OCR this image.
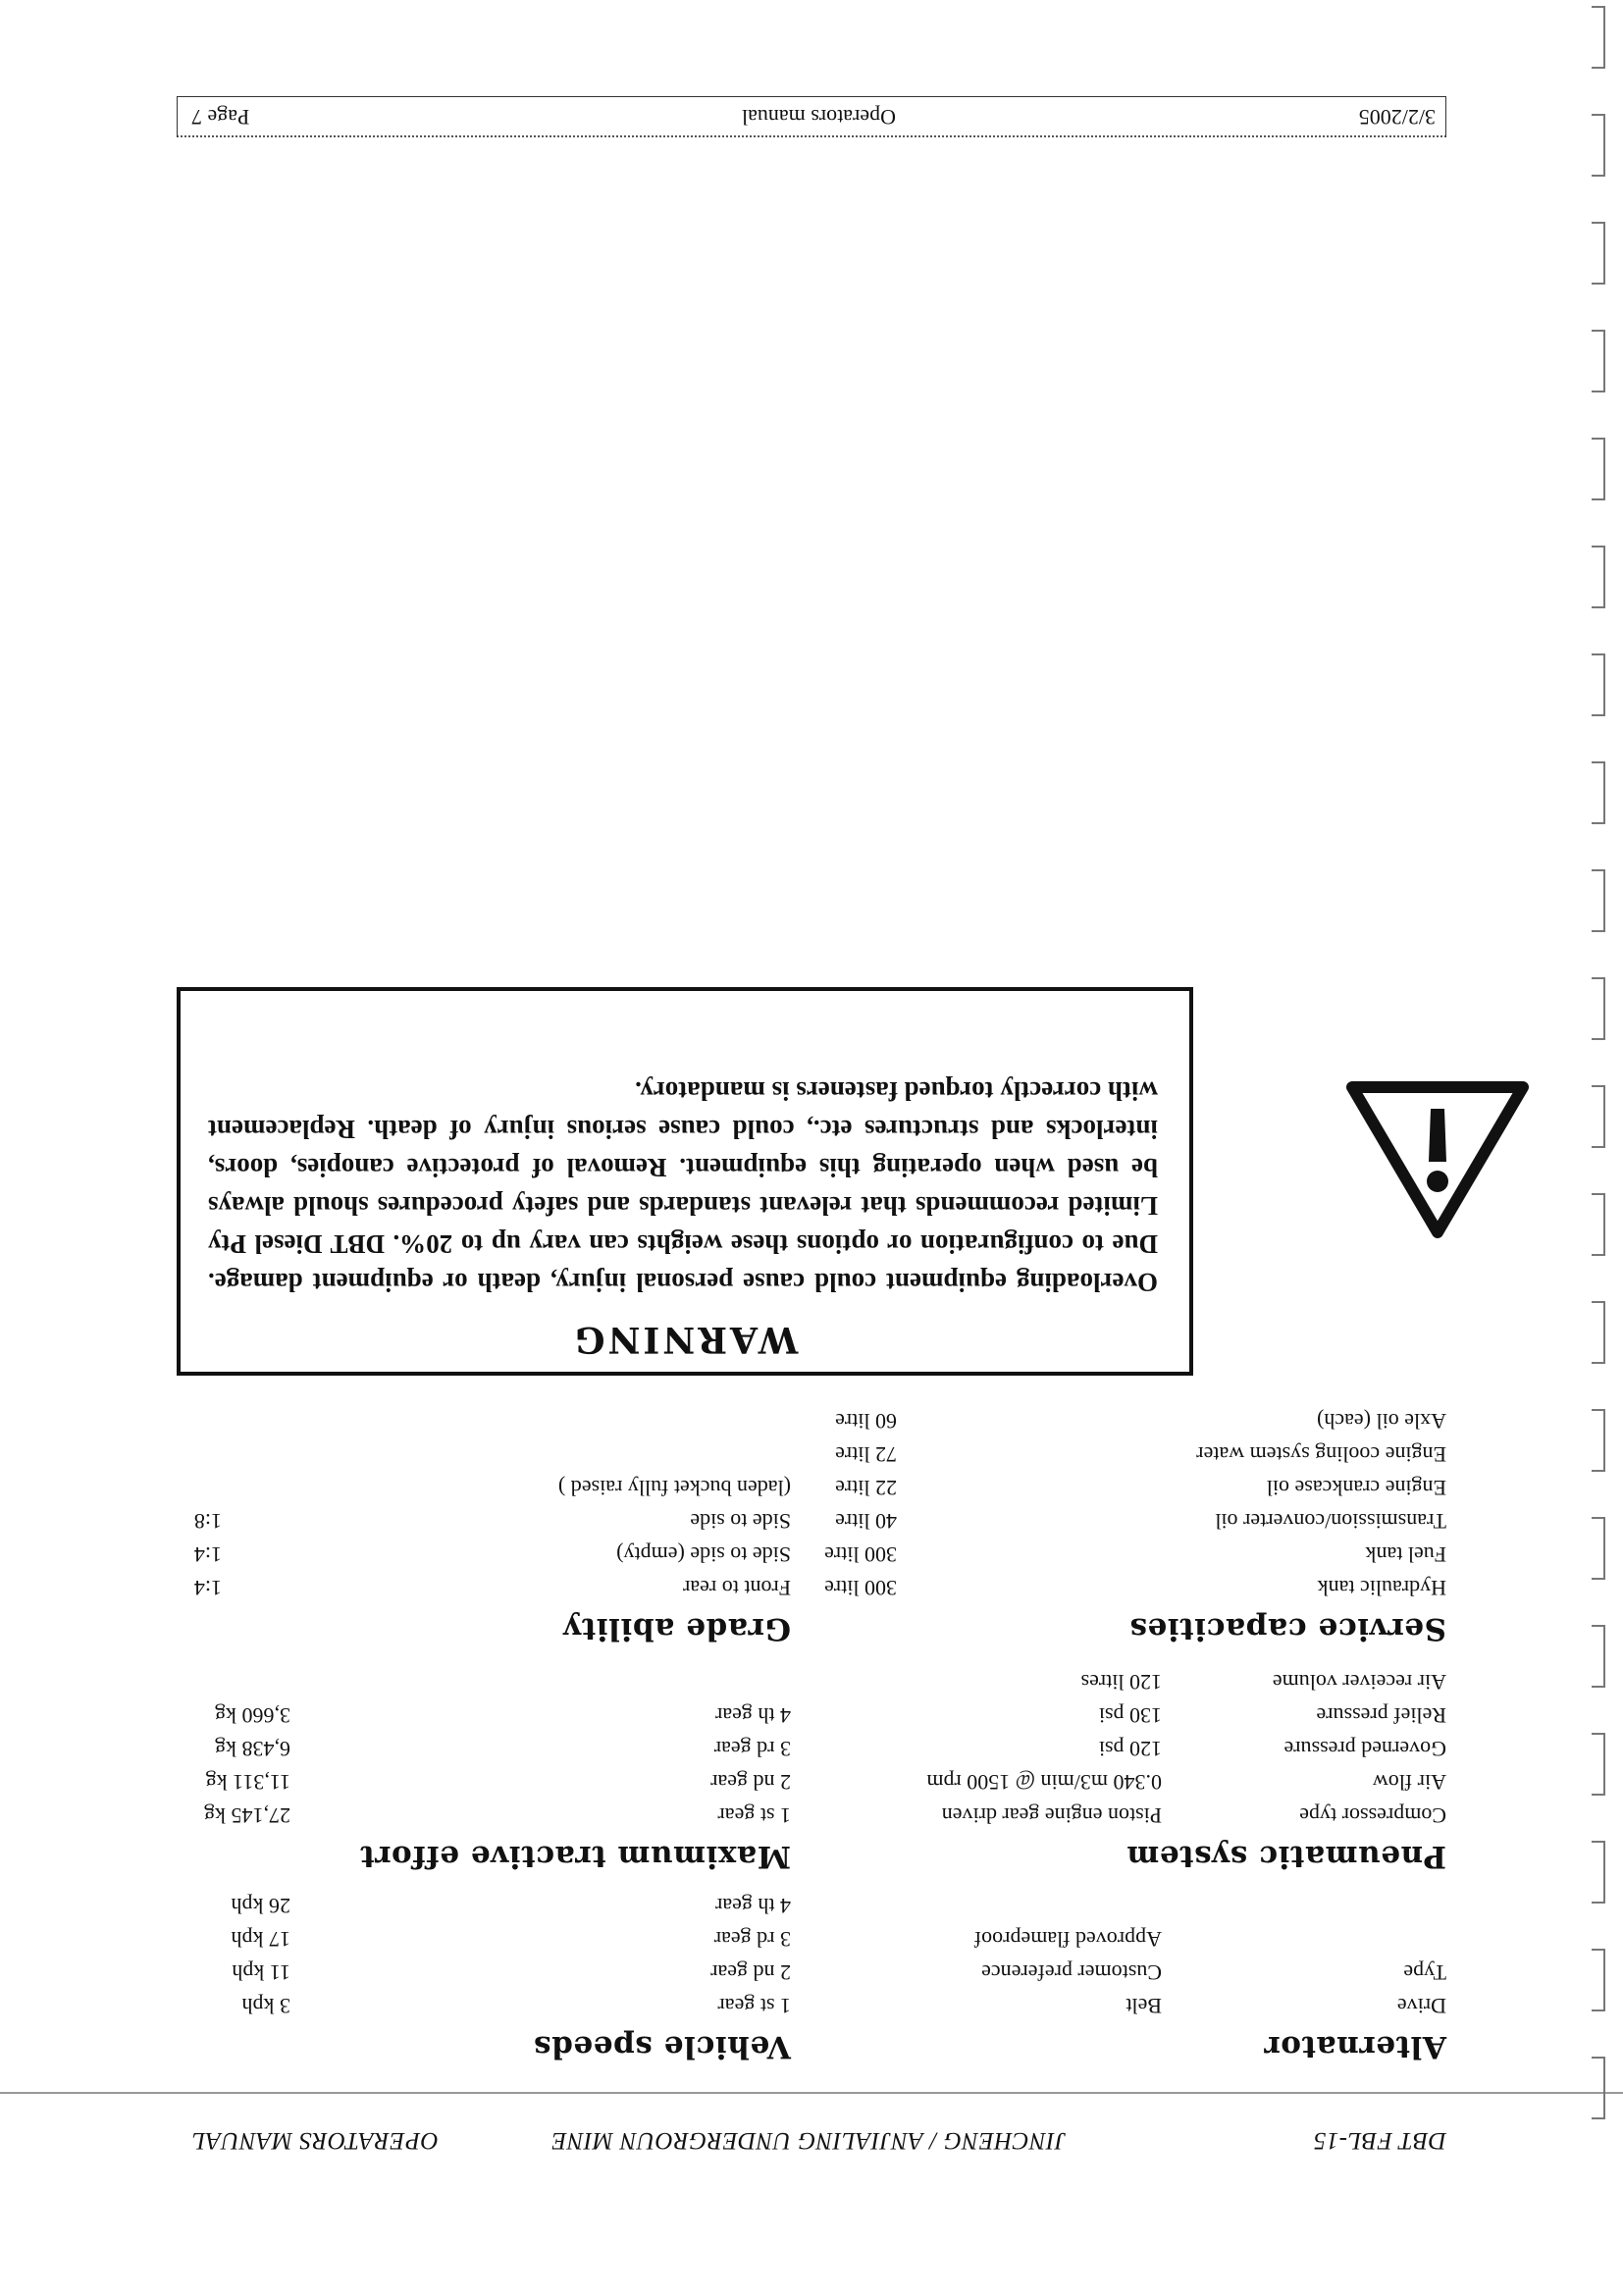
DBT FBL-15
JINCHENG / ANJIALING UNDERGROUN MINE
OPERATORS MANUAL
Alternator
Drive
Belt
Type
Customer preference
Approved flameproof
Vehicle speeds
1 st gear
3 kph
2 nd gear
11 kph
3 rd gear
17 kph
4 th gear
26 kph
Pneumatic system
Compressor type
Piston engine gear driven
Air flow
0.340 m3/min @ 1500 rpm
Governed pressure
120 psi
Relief pressure
130 psi
Air receiver volume
120 litres
Maximum tractive effort
1 st gear
27,145 kg
2 nd gear
11,311 kg
3 rd gear
6,438 kg
4 th gear
3,660 kg
Service capacities
Hydraulic tank
300 litre
Fuel tank
300 litre
Transmission/converter oil
40 litre
Engine crankcase oil
22 litre
Engine cooling system water
72 litre
Axle oil (each)
60 litre
Grade ability
Front to rear
1:4
Side to side (empty)
1:4
Side to side
1:8
(laden bucket fully raised )
WARNING
Overloading equipment could cause personal injury, death or equipment damage. Due to configuration or options these weights can vary up to 20%. DBT Diesel Pty Limited recommends that relevant standards and safety procedures should always be used when operating this equipment. Removal of protective canopies, doors, interlocks and structures etc., could cause serious injury of death. Replacement with correctly torqued fasteners is mandatory.
3/2/2005
Operators manual
Page 7
